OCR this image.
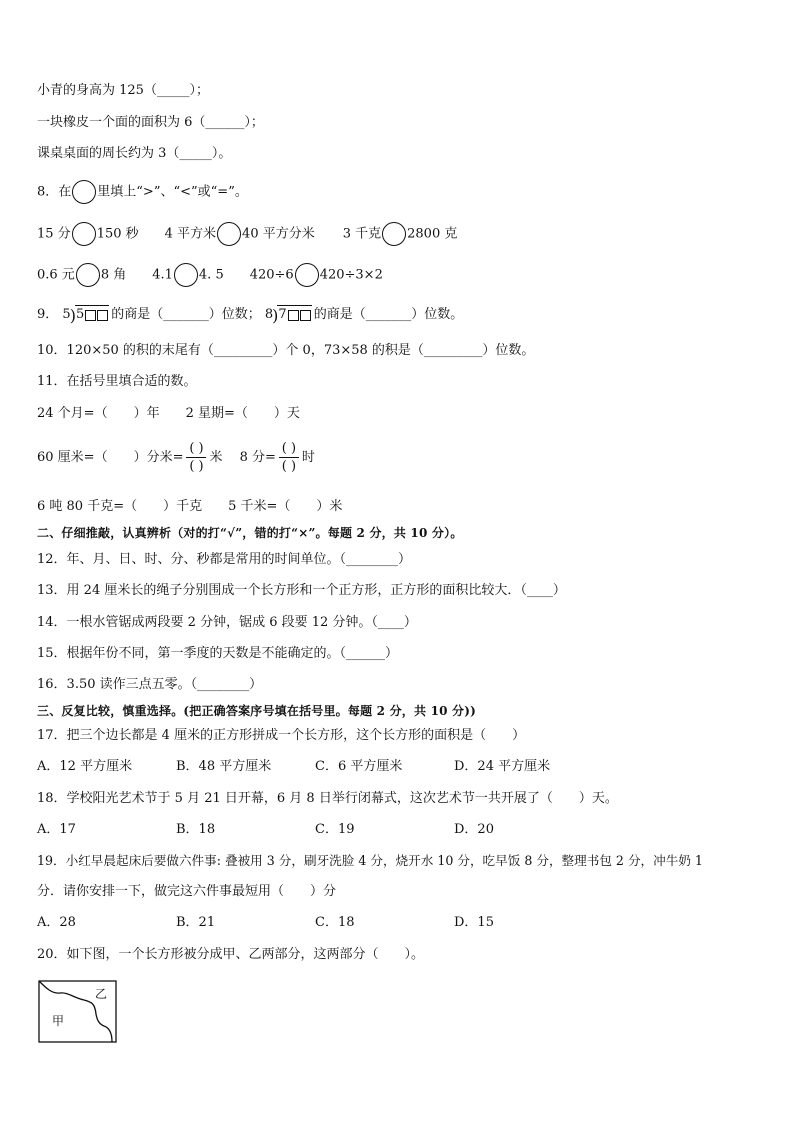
小青的身高为 125（_____）；
一块橡皮一个面的面积为 6（______）；
课桌桌面的周长约为 3（_____）。
8．在 里填上“>”、“<”或“=”。
15 分 150 秒 4 平方米 40 平方分米 3 千克 2800 克
0.6 元 8 角 4.1 4. 5 420÷6 420÷3×2
9． 5 ) 5 的商是（_______）位数； 8 ) 7 的商是（_______）位数。
10．120×50 的积的末尾有（_________）个 0，73×58 的积是（_________）位数。
11．在括号里填合适的数。
24 个月=（　　）年　　2 星期=（　　）天
60 厘米=（　　）分米= $\frac{( )}{( )}$ 米　 8 分= $\frac{( )}{( )}$ 时
6 吨 80 千克=（　　）千克　　5 千米=（　　）米
二、仔细推敲，认真辨析（对的打“√”，错的打“×”。每题 2 分，共 10 分）。
12．年、月、日、时、分、秒都是常用的时间单位。（________）
13．用 24 厘米长的绳子分别围成一个长方形和一个正方形，正方形的面积比较大．（____）
14．一根水管锯成两段要 2 分钟，锯成 6 段要 12 分钟。（____）
15．根据年份不同，第一季度的天数是不能确定的。（______）
16．3.50 读作三点五零。（________）
三、反复比较，慎重选择。(把正确答案序号填在括号里。每题 2 分，共 10 分))
17．把三个边长都是 4 厘米的正方形拼成一个长方形，这个长方形的面积是（　　）
A．12 平方厘米	B．48 平方厘米	C．6 平方厘米	D．24 平方厘米
18．学校阳光艺术节于 5 月 21 日开幕，6 月 8 日举行闭幕式，这次艺术节一共开展了（　　）天。
A．17	B．18	C．19	D．20
19．小红早晨起床后要做六件事: 叠被用 3 分，刷牙洗脸 4 分，烧开水 10 分，吃早饭 8 分，整理书包 2 分，冲牛奶 1
分．请你安排一下，做完这六件事最短用（　　）分
A．28	B．21	C．18	D．15
20．如下图，一个长方形被分成甲、乙两部分，这两部分（　　）。
甲
乙
